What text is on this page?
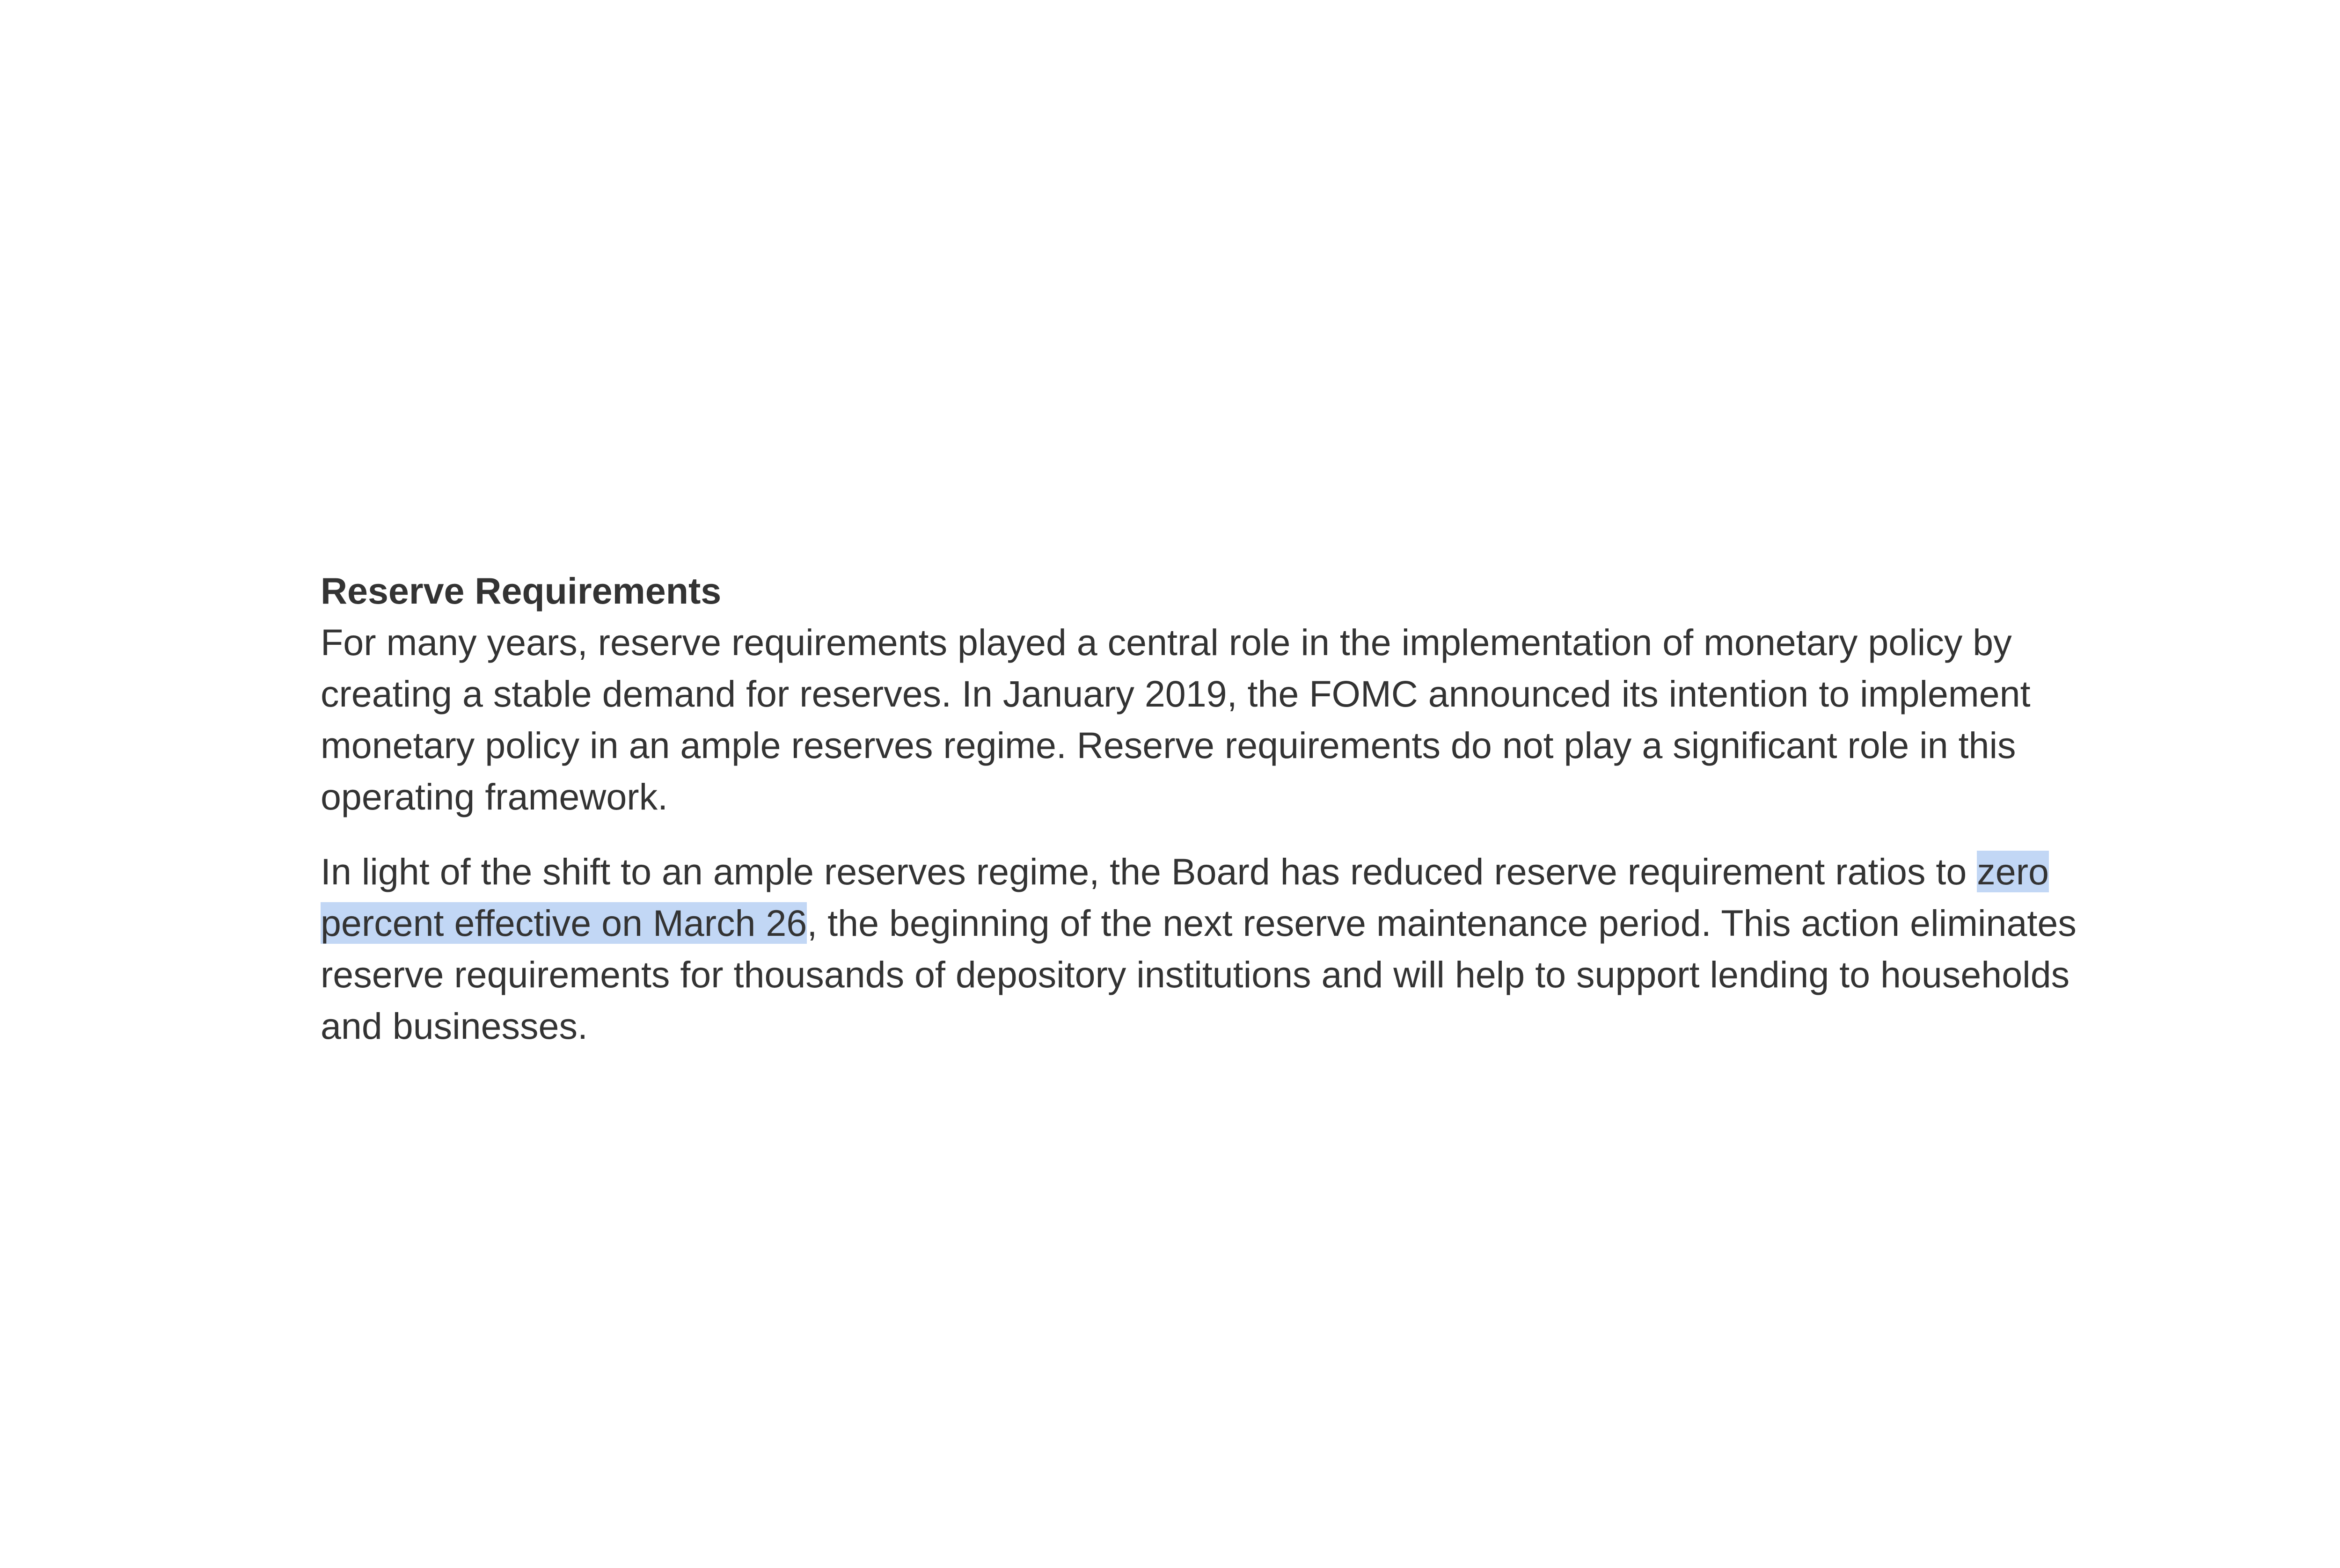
Reserve Requirements

For many years, reserve requirements played a central role in the implementation of monetary policy by creating a stable demand for reserves. In January 2019, the FOMC announced its intention to implement monetary policy in an ample reserves regime. Reserve requirements do not play a significant role in this operating framework.

In light of the shift to an ample reserves regime, the Board has reduced reserve requirement ratios to zero percent effective on March 26, the beginning of the next reserve maintenance period. This action eliminates reserve requirements for thousands of depository institutions and will help to support lending to households and businesses.
